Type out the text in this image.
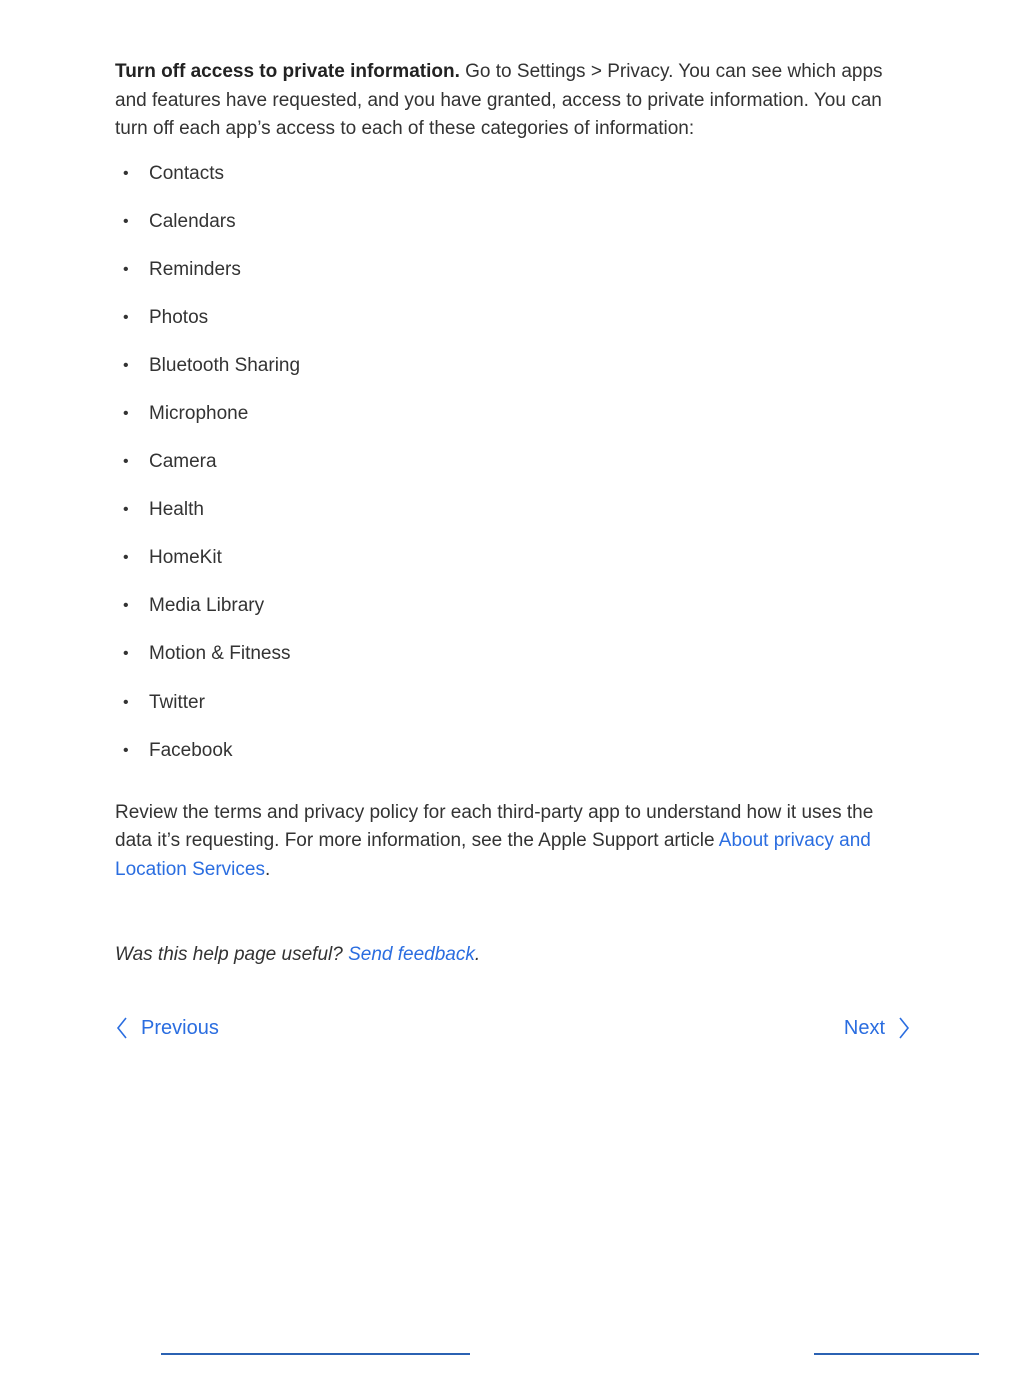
Turn off access to private information. Go to Settings > Privacy. You can see which apps and features have requested, and you have granted, access to private information. You can turn off each app’s access to each of these categories of information:

• Contacts
• Calendars
• Reminders
• Photos
• Bluetooth Sharing
• Microphone
• Camera
• Health
• HomeKit
• Media Library
• Motion & Fitness
• Twitter
• Facebook

Review the terms and privacy policy for each third-party app to understand how it uses the data it’s requesting. For more information, see the Apple Support article About privacy and Location Services.

Was this help page useful? Send feedback.

Previous	Next
